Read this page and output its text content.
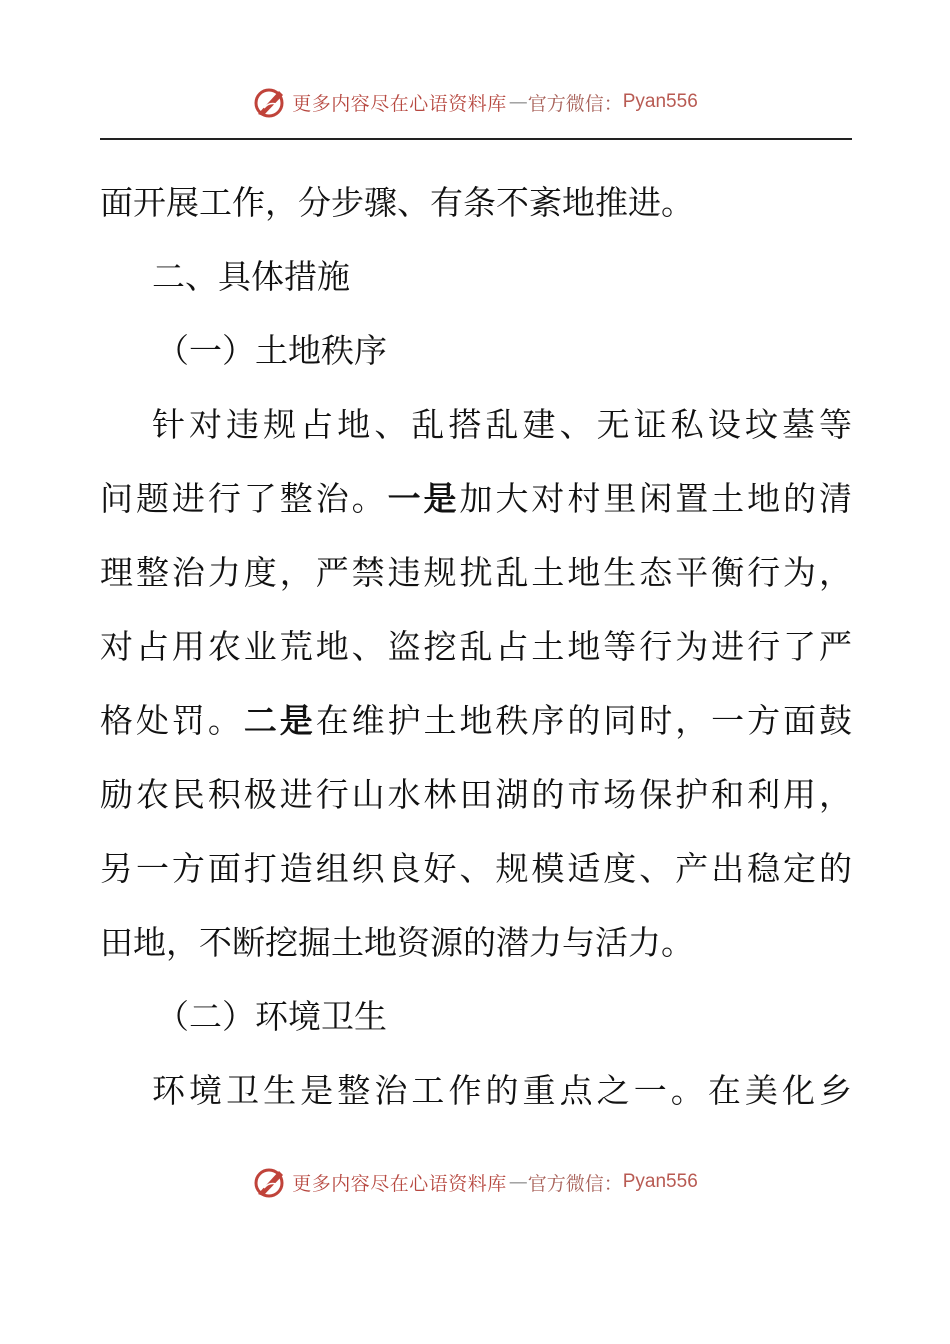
更多内容尽在心语资料库 — 官方微信： Pyan556
面开展工作，分步骤、有条不紊地推进。
二、具体措施
（一）土地秩序
针对违规占地、乱搭乱建、无证私设坟墓等
问题进行了整治。一是加大对村里闲置土地的清
理整治力度，严禁违规扰乱土地生态平衡行为，
对占用农业荒地、盗挖乱占土地等行为进行了严
格处罚。二是在维护土地秩序的同时，一方面鼓
励农民积极进行山水林田湖的市场保护和利用，
另一方面打造组织良好、规模适度、产出稳定的
田地，不断挖掘土地资源的潜力与活力。
（二）环境卫生
环境卫生是整治工作的重点之一。在美化乡
更多内容尽在心语资料库 — 官方微信： Pyan556
